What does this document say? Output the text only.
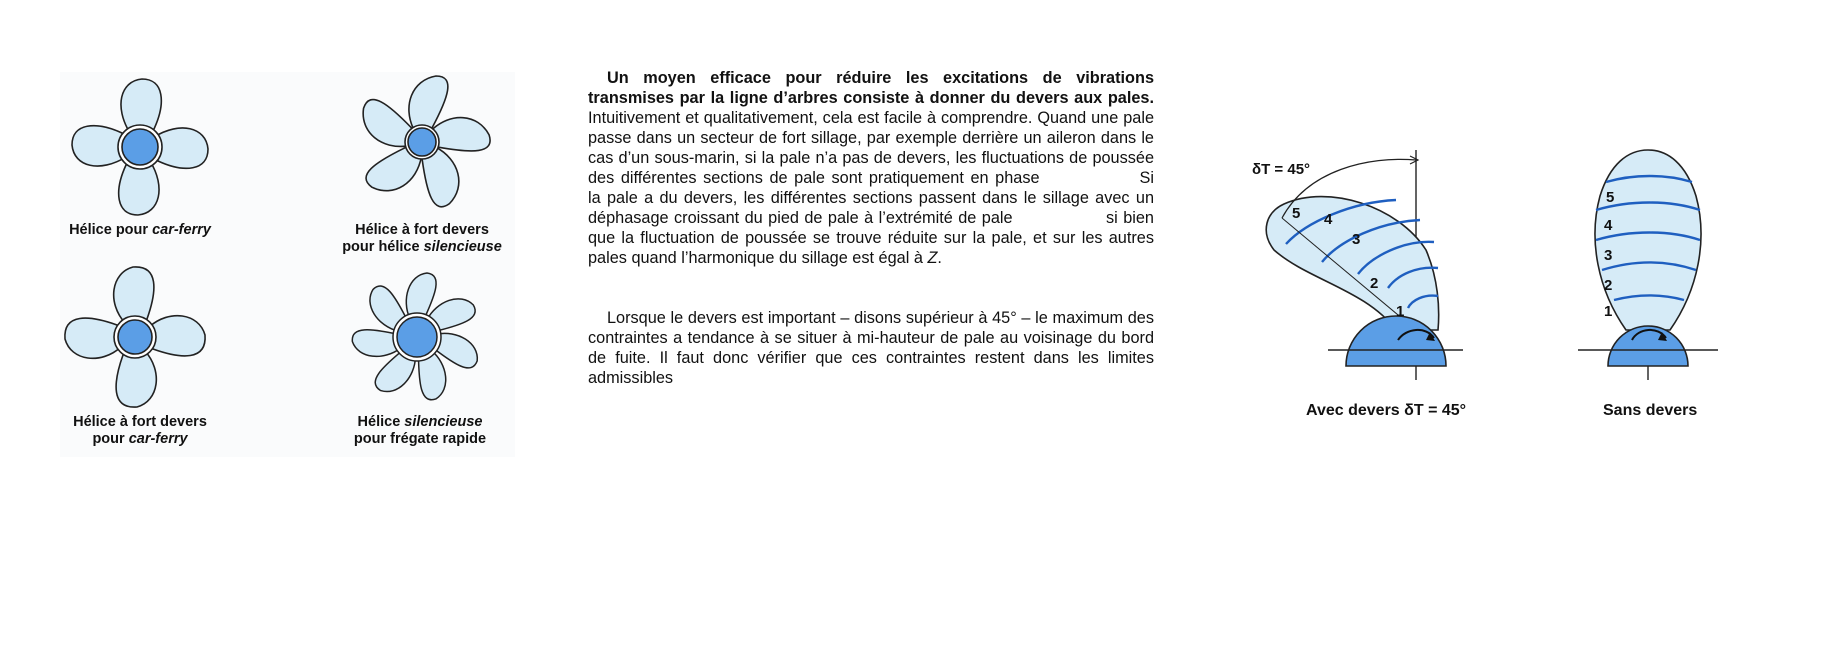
Hélice pour car-ferry	Hélice à fort devers
pour hélice silencieuse
Hélice à fort devers
pour car-ferry
Hélice silencieuse
pour frégate rapide

Un moyen efficace pour réduire les excitations de vibrations transmises par la ligne d’arbres consiste à donner du devers aux pales. Intuitivement et qualitativement, cela est facile à comprendre. Quand une pale passe dans un secteur de fort sillage, par exemple derrière un aileron dans le cas d’un sous-marin, si la pale n’a pas de devers, les fluctuations de poussée des différentes sections de pale sont pratiquement en phase	Si la pale a du devers, les différentes sections passent dans le sillage avec un déphasage croissant du pied de pale à l’extrémité de pale	si bien que la fluctuation de poussée se trouve réduite sur la pale, et sur les autres pales quand l’harmonique du sillage est égal à Z.

Lorsque le devers est important – disons supérieur à 45° – le maximum des contraintes a tendance à se situer à mi-hauteur de pale au voisinage du bord de fuite. Il faut donc vérifier que ces contraintes restent dans les limites admissibles

1
2
3
4
5
δT = 45°
Avec devers δT = 45°
1
2
3
4
5
Sans devers
